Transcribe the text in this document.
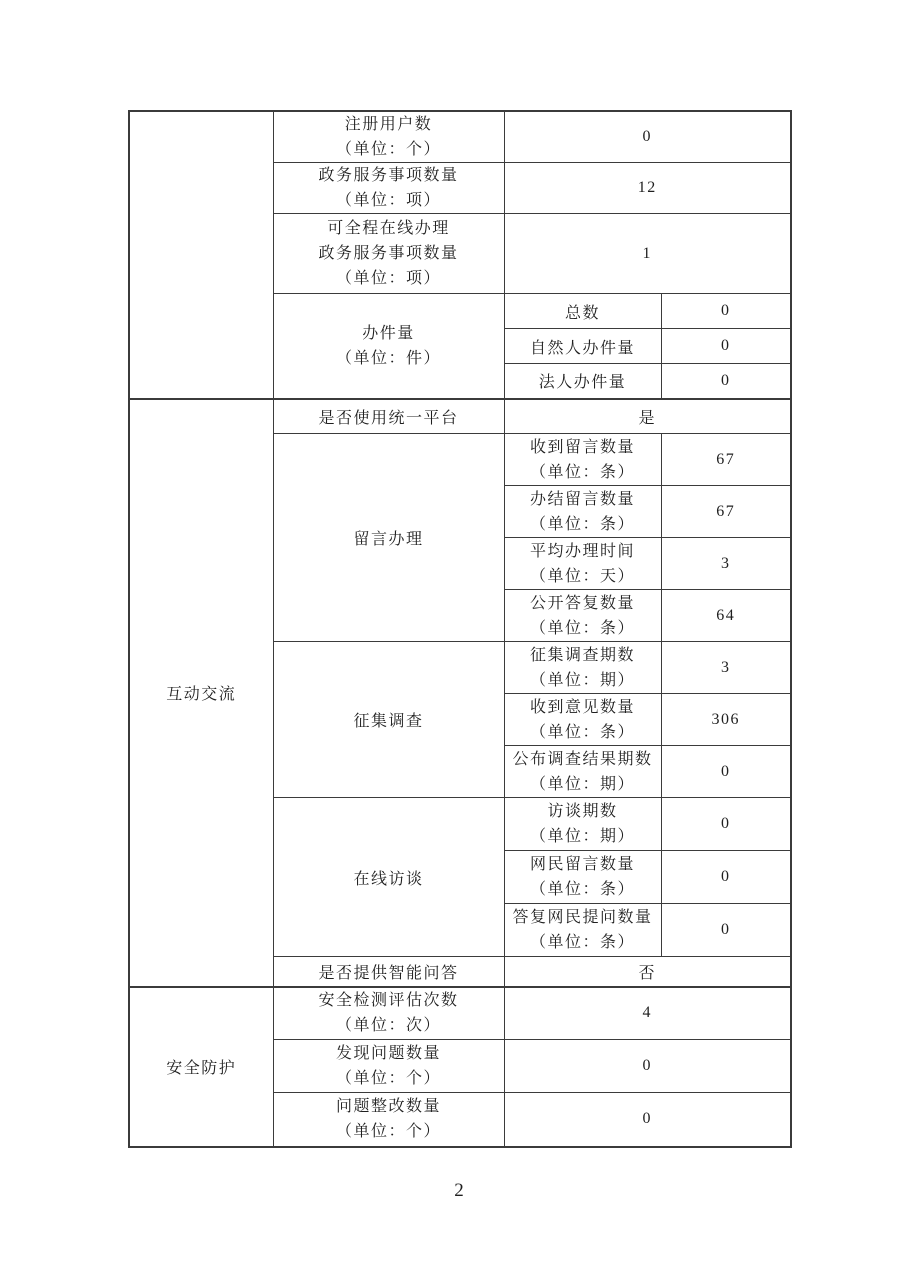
	注册用户数
（单位：个）	0	

	政务服务事项数量
（单位：项）	12	

	可全程在线办理
政务服务事项数量
（单位：项）	1	

	办件量
（单位：件）	总数	0
		自然人办件量	0
		法人办件量	0
互动交流	是否使用统一平台	是	
	留言办理	收到留言数量
（单位：条）	67

		办结留言数量
（单位：条）	67

		平均办理时间
（单位：天）	3

		公开答复数量
（单位：条）	64
	征集调查	征集调查期数
（单位：期）	3

		收到意见数量
（单位：条）	306

		公布调查结果期数
（单位：期）	0
	在线访谈	访谈期数
（单位：期）	0

		网民留言数量
（单位：条）	0

		答复网民提问数量
（单位：条）	0
	是否提供智能问答	否	
安全防护	安全检测评估次数
（单位：次）	4	

	发现问题数量
（单位：个）	0	

	问题整改数量
（单位：个）	0	
2
